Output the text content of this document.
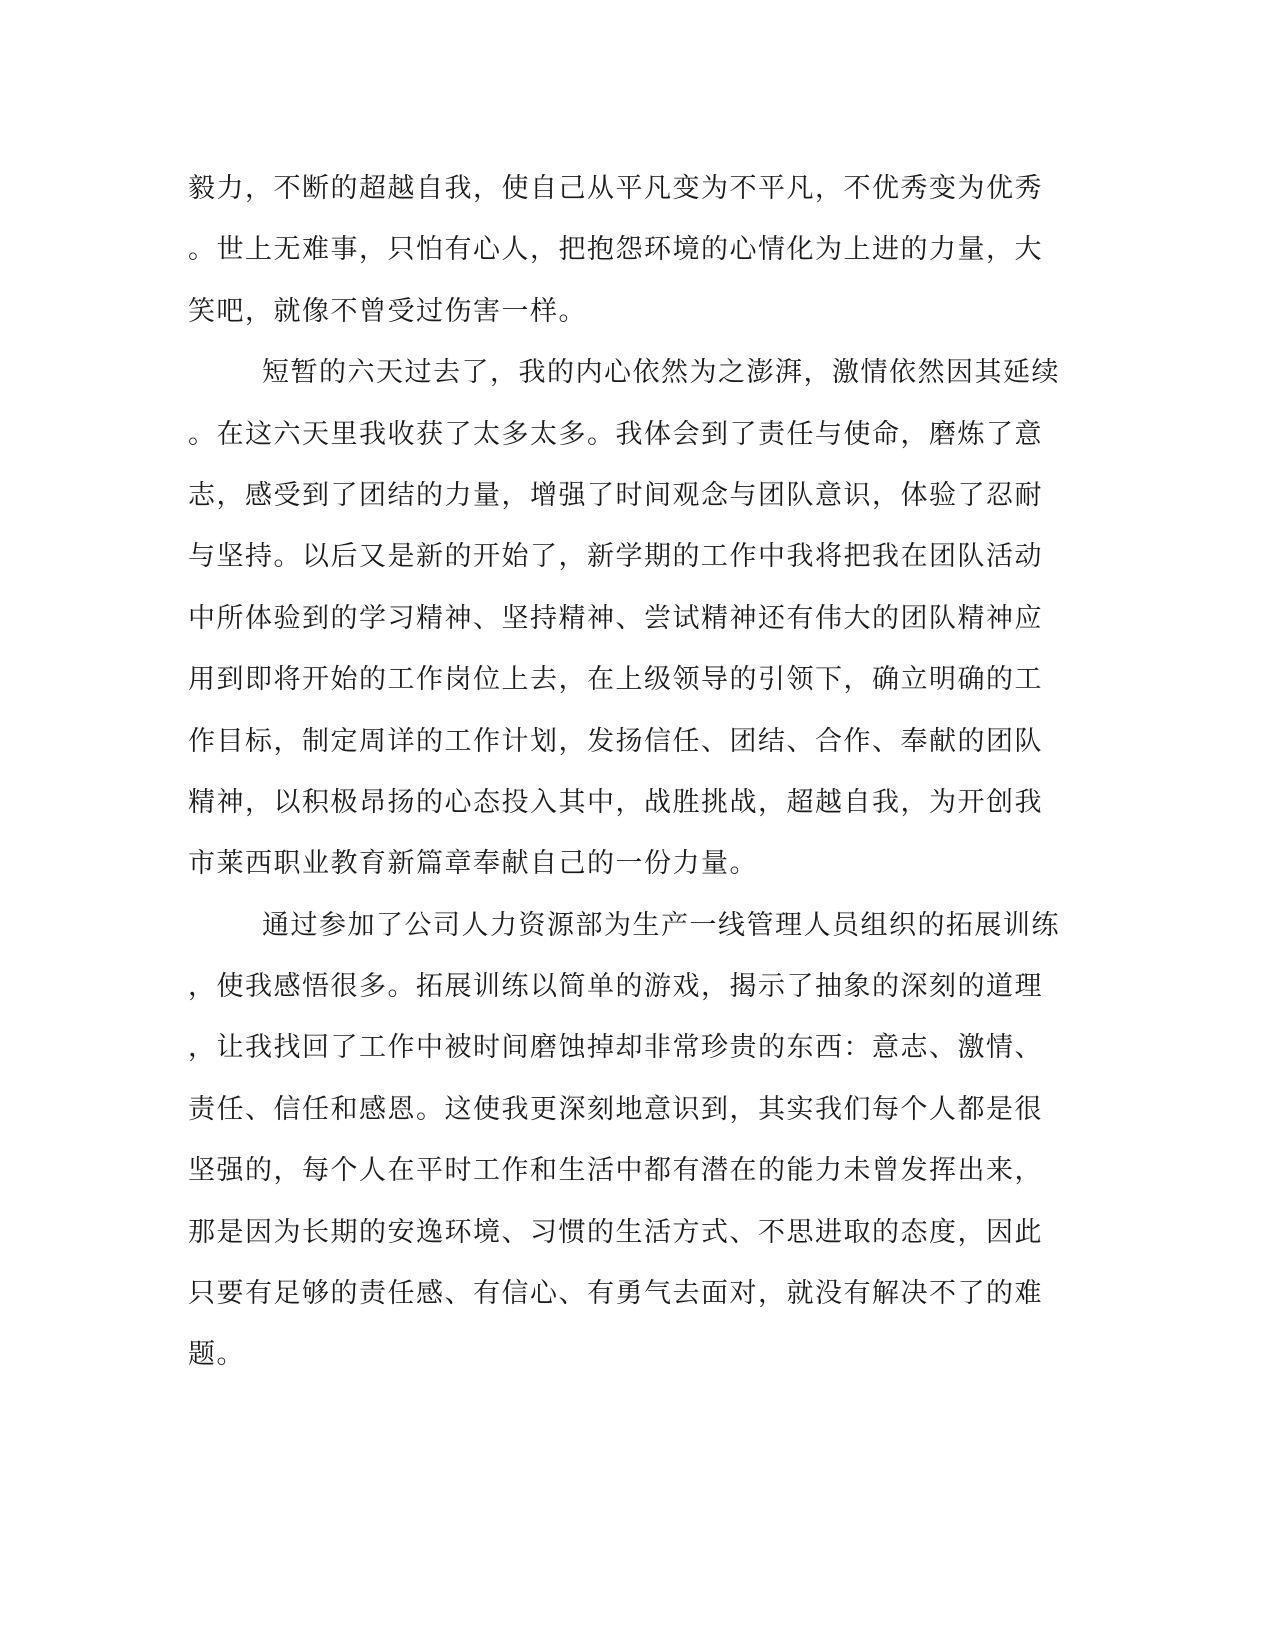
毅力，不断的超越自我，使自己从平凡变为不平凡，不优秀变为优秀
。世上无难事，只怕有心人，把抱怨环境的心情化为上进的力量，大
笑吧，就像不曾受过伤害一样。
短暂的六天过去了，我的内心依然为之澎湃，激情依然因其延续
。在这六天里我收获了太多太多。我体会到了责任与使命，磨炼了意
志，感受到了团结的力量，增强了时间观念与团队意识，体验了忍耐
与坚持。以后又是新的开始了，新学期的工作中我将把我在团队活动
中所体验到的学习精神、坚持精神、尝试精神还有伟大的团队精神应
用到即将开始的工作岗位上去，在上级领导的引领下，确立明确的工
作目标，制定周详的工作计划，发扬信任、团结、合作、奉献的团队
精神，以积极昂扬的心态投入其中，战胜挑战，超越自我，为开创我
市莱西职业教育新篇章奉献自己的一份力量。
通过参加了公司人力资源部为生产一线管理人员组织的拓展训练
，使我感悟很多。拓展训练以简单的游戏，揭示了抽象的深刻的道理
，让我找回了工作中被时间磨蚀掉却非常珍贵的东西：意志、激情、
责任、信任和感恩。这使我更深刻地意识到，其实我们每个人都是很
坚强的，每个人在平时工作和生活中都有潜在的能力未曾发挥出来，
那是因为长期的安逸环境、习惯的生活方式、不思进取的态度，因此
只要有足够的责任感、有信心、有勇气去面对，就没有解决不了的难
题。
